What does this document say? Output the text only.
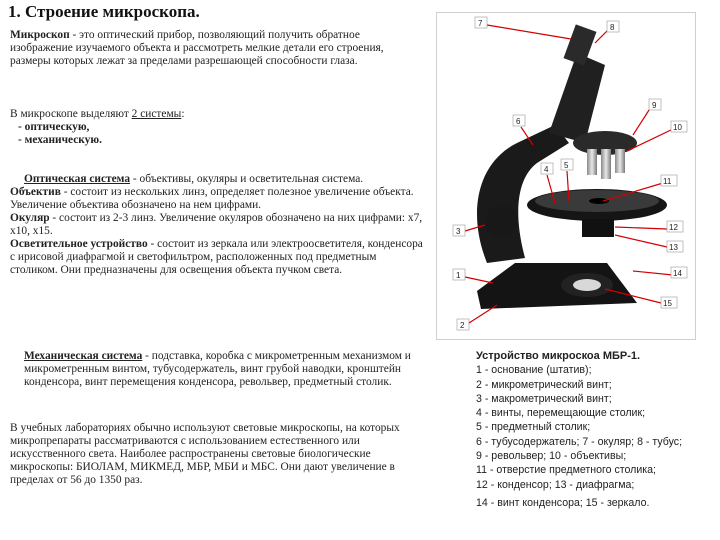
1. Строение микроскопа.

Микроскоп - это оптический прибор, позволяющий получить обратное изображение изучаемого объекта и рассмотреть мелкие детали его строения, размеры которых лежат за пределами разрешающей способности глаза.

В микроскопе выделяют 2 системы:

- оптическую,

- механическую.

Оптическая система - объективы, окуляры и осветительная система.

Объектив - состоит из нескольких линз, определяет полезное увеличение объекта. Увеличение объектива обозначено на нем цифрами.

Окуляр - состоит из 2-3 линз. Увеличение окуляров обозначено на них цифрами: х7, х10, х15.

Осветительное устройство - состоит из зеркала или электроосветителя, конденсора с ирисовой диафрагмой и светофильтром, расположенных под предметным столиком. Они предназначены для освещения объекта пучком света.

Механическая система - подставка, коробка с микрометренным механизмом и микрометренным винтом, тубусодержатель, винт грубой наводки, кронштейн конденсора, винт перемещения конденсора, револьвер, предметный столик.

В учебных лабораториях обычно используют световые микроскопы, на которых микропрепараты рассматриваются с использованием естественного или искусственного света. Наиболее распространены световые биологические микроскопы: БИОЛАМ, МИКМЕД, МБР, МБИ и МБС. Они дают увеличение в пределах от 56 до 1350 раз.

1
3
4 5
6
7	8
9
10
11
12
13
14
15
2
Устройство микроскоа МБР-1.
1 - основание (штатив);
2 - микрометрический винт;
3 - макрометрический винт;
4 - винты, перемещающие столик;
5 - предметный столик;
6 - тубусодержатель; 7 - окуляр; 8 - тубус;
9 - револьвер; 10 - объективы;
11 - отверстие предметного столика;
12 - конденсор; 13 - диафрагма;
14 - винт конденсора; 15 - зеркало.
